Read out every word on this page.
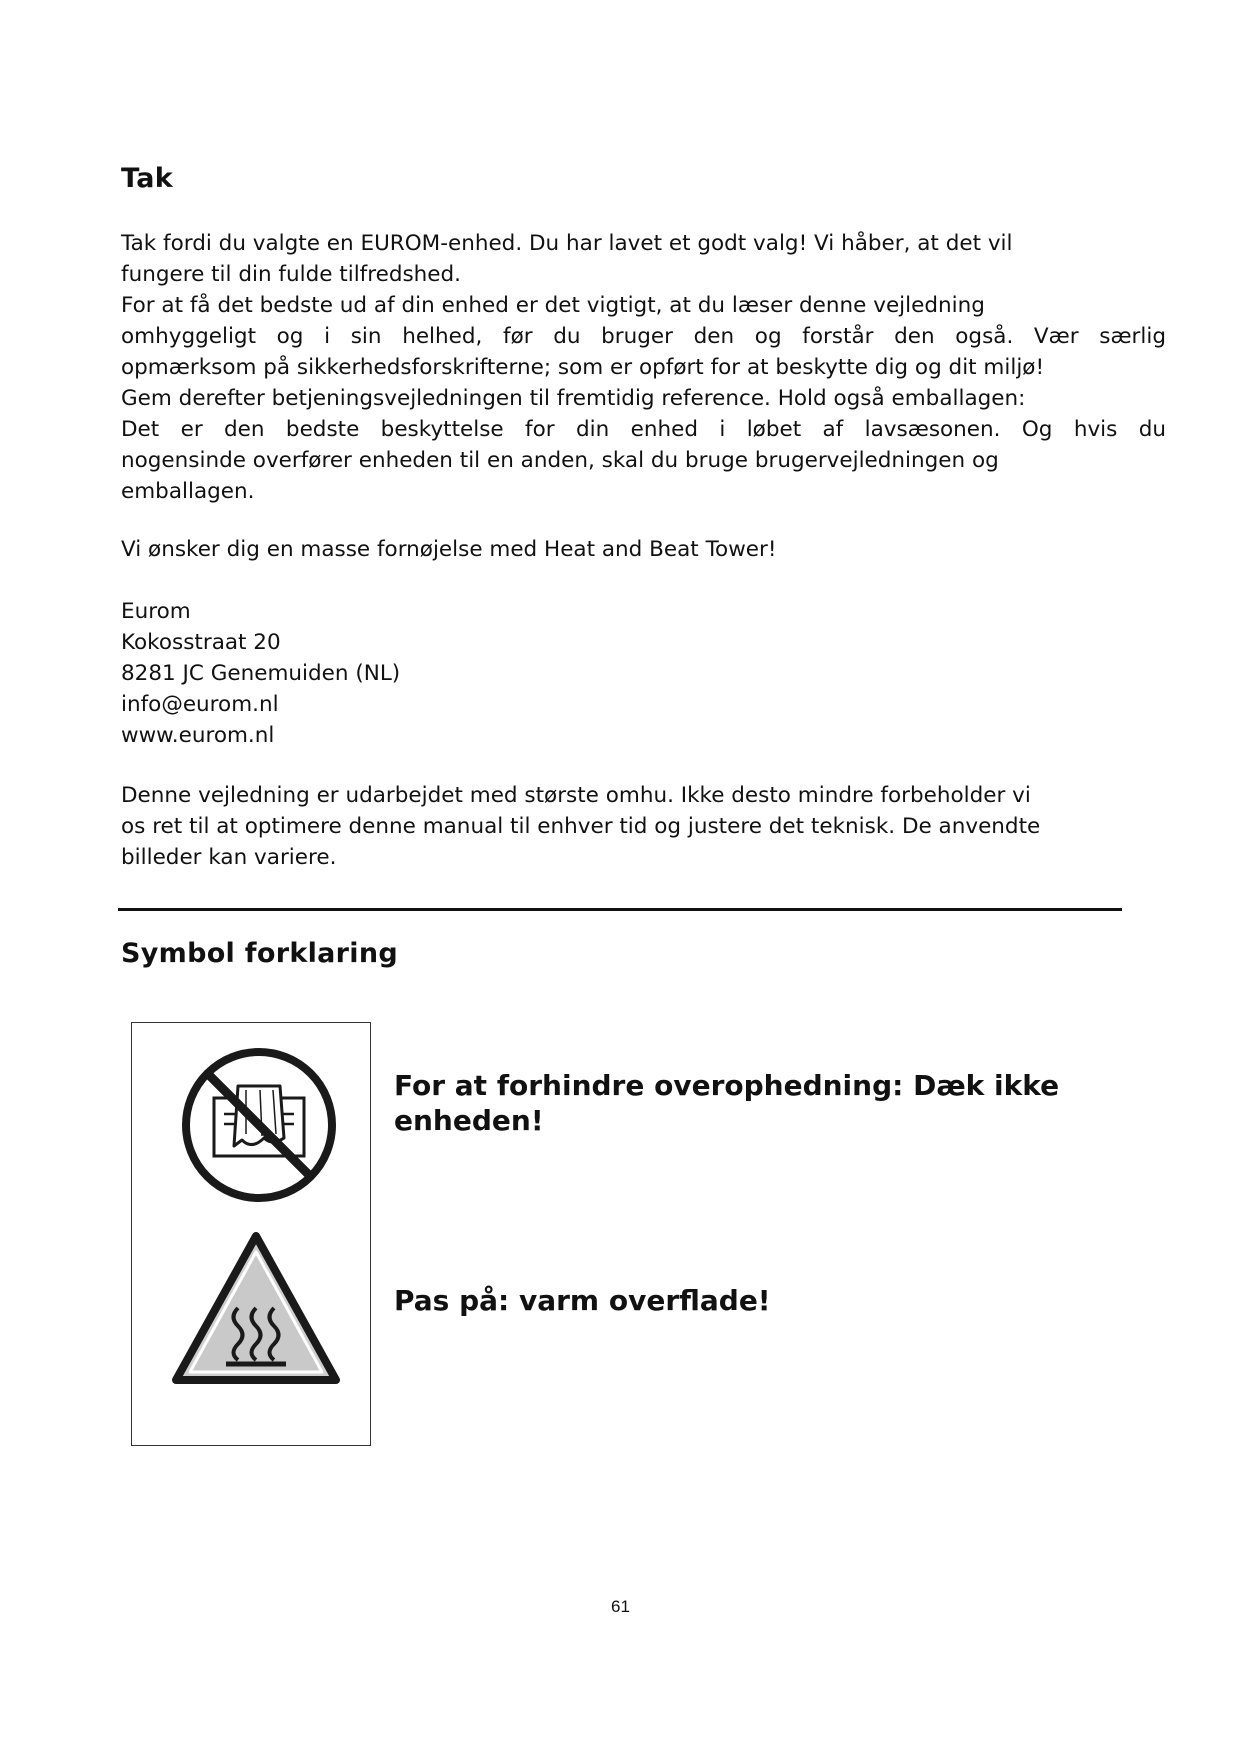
Tak
Tak fordi du valgte en EUROM-enhed. Du har lavet et godt valg! Vi håber, at det vil
fungere til din fulde tilfredshed.
For at få det bedste ud af din enhed er det vigtigt, at du læser denne vejledning
omhyggeligt og i sin helhed, før du bruger den og forstår den også. Vær særlig
opmærksom på sikkerhedsforskrifterne; som er opført for at beskytte dig og dit miljø!
Gem derefter betjeningsvejledningen til fremtidig reference. Hold også emballagen:
Det er den bedste beskyttelse for din enhed i løbet af lavsæsonen. Og hvis du
nogensinde overfører enheden til en anden, skal du bruge brugervejledningen og
emballagen.

Vi ønsker dig en masse fornøjelse med Heat and Beat Tower!

Eurom
Kokosstraat 20
8281 JC Genemuiden (NL)
info@eurom.nl
www.eurom.nl
Denne vejledning er udarbejdet med største omhu. Ikke desto mindre forbeholder vi
os ret til at optimere denne manual til enhver tid og justere det teknisk. De anvendte
billeder kan variere.
Symbol forklaring

For at forhindre overophedning: Dæk ikke enheden!

Pas på: varm overflade!

61
